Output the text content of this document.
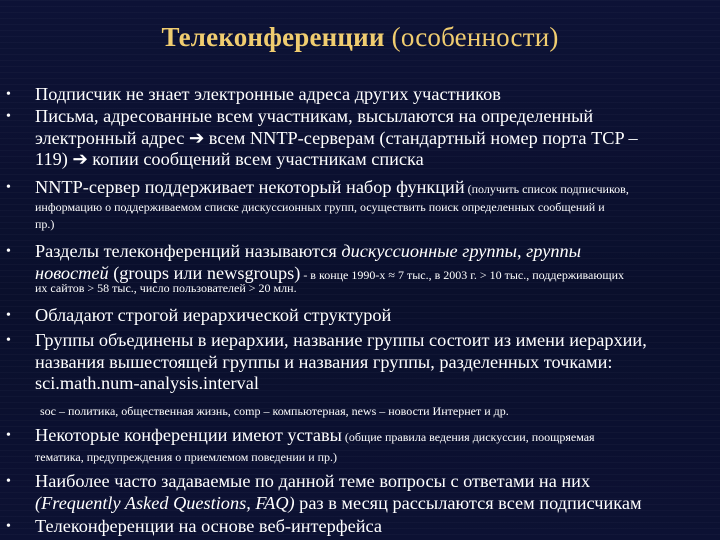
Телеконференции (особенности)
• Подписчик не знает электронные адреса других участников
• Письма, адресованные всем участникам, высылаются на определенный
электронный адрес ➔ всем NNTP-серверам (стандартный номер порта TCP –
119) ➔ копии сообщений всем участникам списка
• NNTP-сервер поддерживает некоторый набор функций (получить список подписчиков,
информацию о поддерживаемом списке дискуссионных групп, осуществить поиск определенных сообщений и
пр.)
• Разделы телеконференций называются дискуссионные группы, группы
новостей (groups или newsgroups) - в конце 1990-х ≈ 7 тыс., в 2003 г. > 10 тыс., поддерживающих
их сайтов > 58 тыс., число пользователей > 20 млн.
• Обладают строгой иерархической структурой
• Группы объединены в иерархии, название группы состоит из имени иерархии,
названия вышестоящей группы и названия группы, разделенных точками:
sci.math.num-analysis.interval
soc – политика, общественная жизнь, comp – компьютерная, news – новости Интернет и др.
• Некоторые конференции имеют уставы (общие правила ведения дискуссии, поощряемая
тематика, предупреждения о приемлемом поведении и пр.)
• Наиболее часто задаваемые по данной теме вопросы с ответами на них
(Frequently Asked Questions, FAQ) раз в месяц рассылаются всем подписчикам
• Телеконференции на основе веб-интерфейса
